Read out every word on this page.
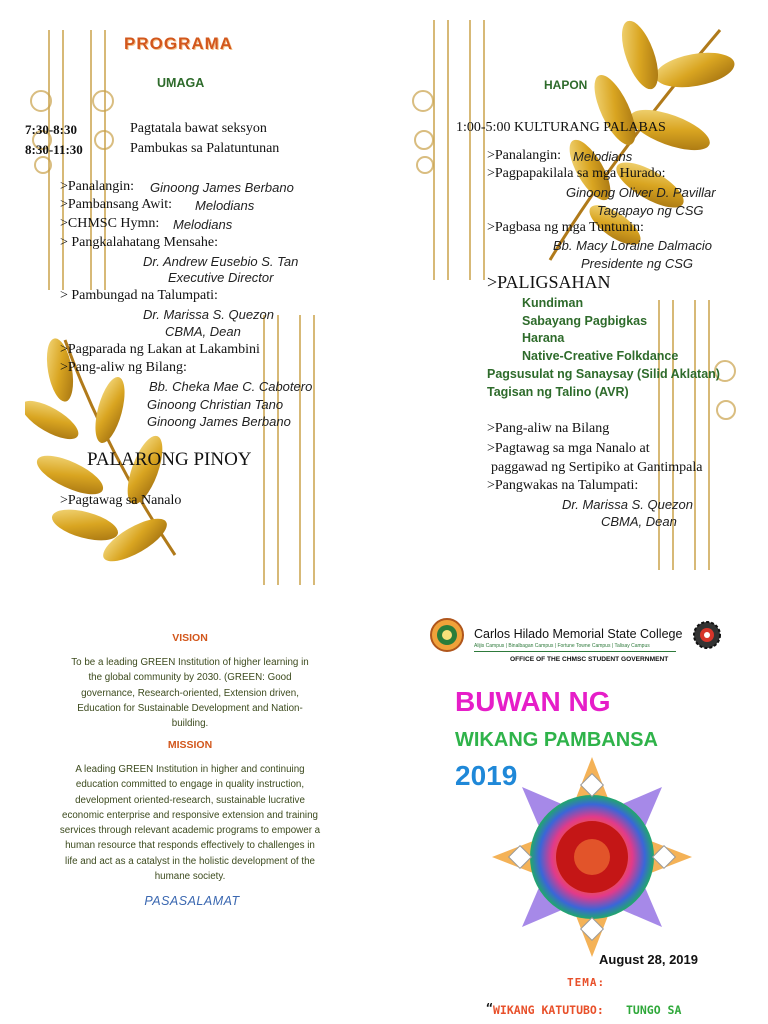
PROGRAMA
UMAGA
7:30-8:30	Pagtatala bawat seksyon
8:30-11:30	Pambukas sa Palatuntunan
>Panalangin: Ginoong James Berbano
>Pambansang Awit: Melodians
>CHMSC Hymn: Melodians
> Pangkalahatang Mensahe:
Dr. Andrew Eusebio S. Tan
Executive Director
> Pambungad na Talumpati:
Dr. Marissa S. Quezon
CBMA, Dean
>Pagparada ng Lakan at Lakambini
>Pang-aliw ng Bilang:
Bb. Cheka Mae C. Cabotero
Ginoong Christian Tano
Ginoong James Berbano
PALARONG PINOY
>Pagtawag sa Nanalo
HAPON
1:00-5:00 KULTURANG PALABAS
>Panalangin: Melodians
>Pagpapakilala sa mga Hurado:
Ginoong Oliver D. Pavillar
Tagapayo ng CSG
>Pagbasa ng mga Tuntunin:
Bb. Macy Loraine Dalmacio
Presidente ng CSG
>PALIGSAHAN
Kundiman
Sabayang Pagbigkas
Harana
Native-Creative Folkdance
Pagsusulat ng Sanaysay (Silid Aklatan)
Tagisan ng Talino (AVR)
>Pang-aliw na Bilang
>Pagtawag sa mga Nanalo at
paggawad ng Sertipiko at Gantimpala
>Pangwakas na Talumpati:
Dr. Marissa S. Quezon
CBMA, Dean
VISION
To be a leading GREEN Institution of higher learning in
the global community by 2030. (GREEN: Good
governance, Research-oriented, Extension driven,
Education for Sustainable Development and Nation-
building.
MISSION
A leading GREEN Institution in higher and continuing
education committed to engage in quality instruction,
development oriented-research, sustainable lucrative
economic enterprise and responsive extension and training
services through relevant academic programs to empower a
human resource that responds effectively to challenges in
life and act as a catalyst in the holistic development of the
humane society.
PASASALAMAT
Carlos Hilado Memorial State College
Alijis Campus | Binalbagan Campus | Fortune Towne Campus | Talisay Campus
OFFICE OF THE CHMSC STUDENT GOVERNMENT
BUWAN NG
WIKANG PAMBANSA
2019
August 28, 2019
TEMA:
“ WIKANG KATUTUBO: TUNGO SA
